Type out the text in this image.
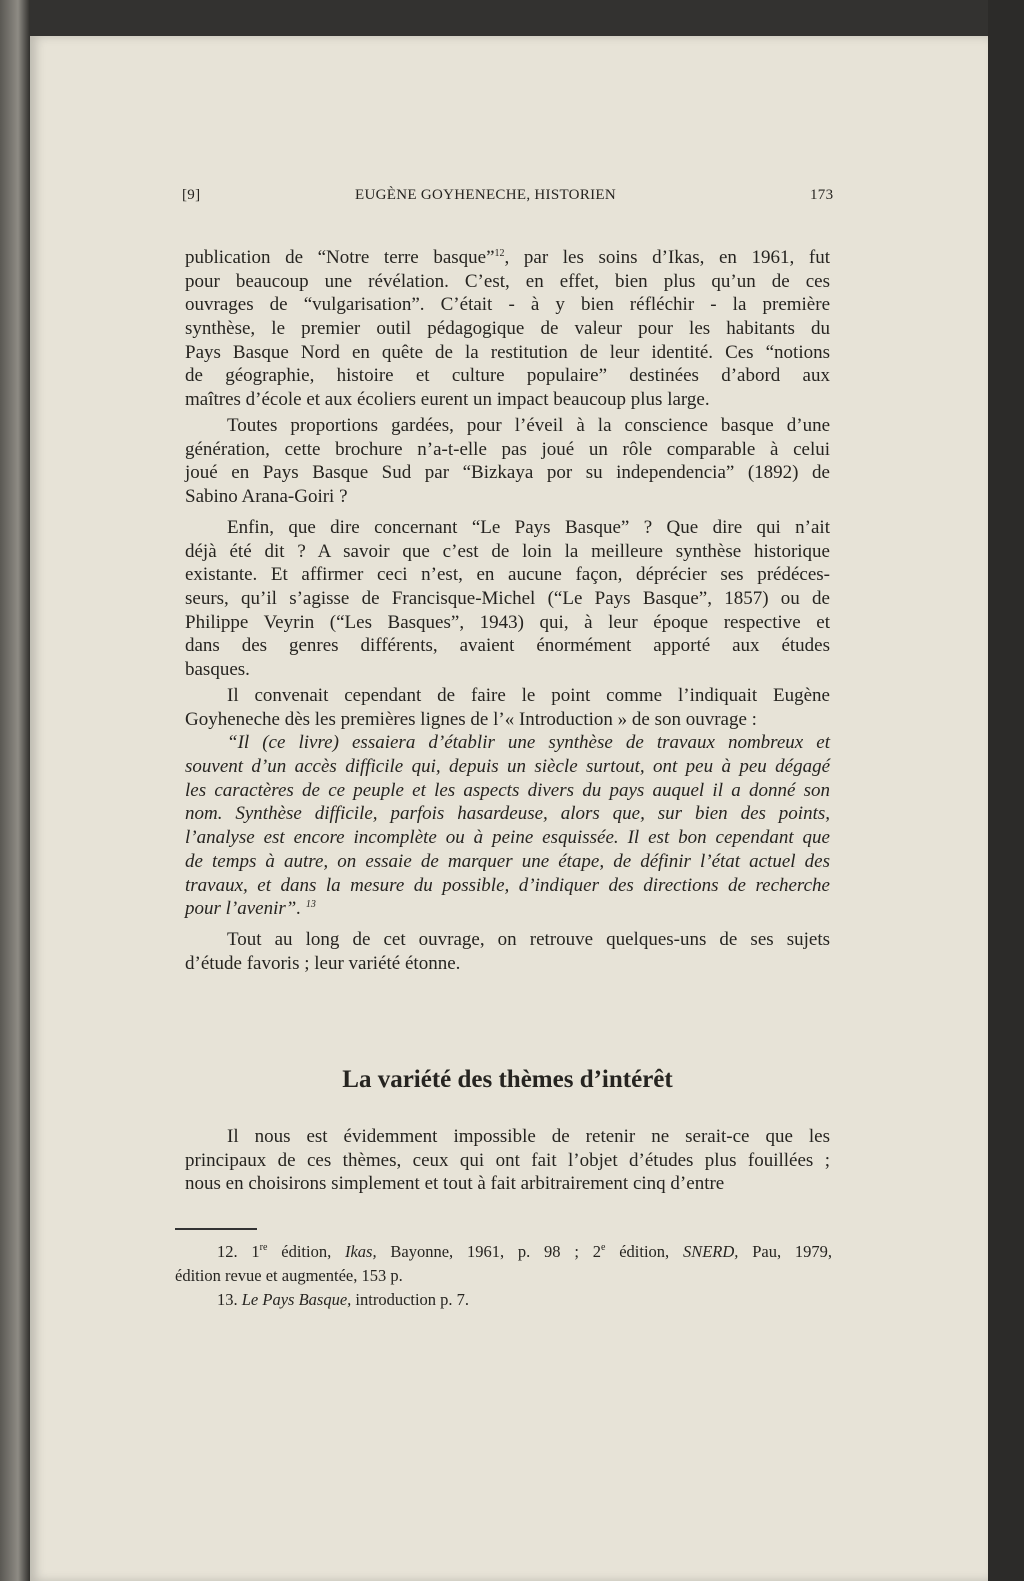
[9]	EUGÈNE GOYHENECHE, HISTORIEN	173
publication de “Notre terre basque”$^{12}$, par les soins d’Ikas, en 1961, fut
pour beaucoup une révélation. C’est, en effet, bien plus qu’un de ces
ouvrages de “vulgarisation”. C’était - à y bien réfléchir - la première
synthèse, le premier outil pédagogique de valeur pour les habitants du
Pays Basque Nord en quête de la restitution de leur identité. Ces “notions
de géographie, histoire et culture populaire” destinées d’abord aux
maîtres d’école et aux écoliers eurent un impact beaucoup plus large.
Toutes proportions gardées, pour l’éveil à la conscience basque d’une
génération, cette brochure n’a-t-elle pas joué un rôle comparable à celui
joué en Pays Basque Sud par “Bizkaya por su independencia” (1892) de
Sabino Arana-Goiri ?
Enfin, que dire concernant “Le Pays Basque” ? Que dire qui n’ait
déjà été dit ? A savoir que c’est de loin la meilleure synthèse historique
existante. Et affirmer ceci n’est, en aucune façon, déprécier ses prédéces-
seurs, qu’il s’agisse de Francisque-Michel (“Le Pays Basque”, 1857) ou de
Philippe Veyrin (“Les Basques”, 1943) qui, à leur époque respective et
dans des genres différents, avaient énormément apporté aux études
basques.
Il convenait cependant de faire le point comme l’indiquait Eugène
Goyheneche dès les premières lignes de l’« Introduction » de son ouvrage :
“Il (ce livre) essaiera d’établir une synthèse de travaux nombreux et
souvent d’un accès difficile qui, depuis un siècle surtout, ont peu à peu dégagé
les caractères de ce peuple et les aspects divers du pays auquel il a donné son
nom. Synthèse difficile, parfois hasardeuse, alors que, sur bien des points,
l’analyse est encore incomplète ou à peine esquissée. Il est bon cependant que
de temps à autre, on essaie de marquer une étape, de définir l’état actuel des
travaux, et dans la mesure du possible, d’indiquer des directions de recherche
pour l’avenir”. $^{13}$
Tout au long de cet ouvrage, on retrouve quelques-uns de ses sujets
d’étude favoris ; leur variété étonne.
La variété des thèmes d’intérêt
Il nous est évidemment impossible de retenir ne serait-ce que les
principaux de ces thèmes, ceux qui ont fait l’objet d’études plus fouillées ;
nous en choisirons simplement et tout à fait arbitrairement cinq d’entre
12. 1re édition, Ikas, Bayonne, 1961, p. 98 ; 2e édition, SNERD, Pau, 1979,
édition revue et augmentée, 153 p.
13. Le Pays Basque, introduction p. 7.
